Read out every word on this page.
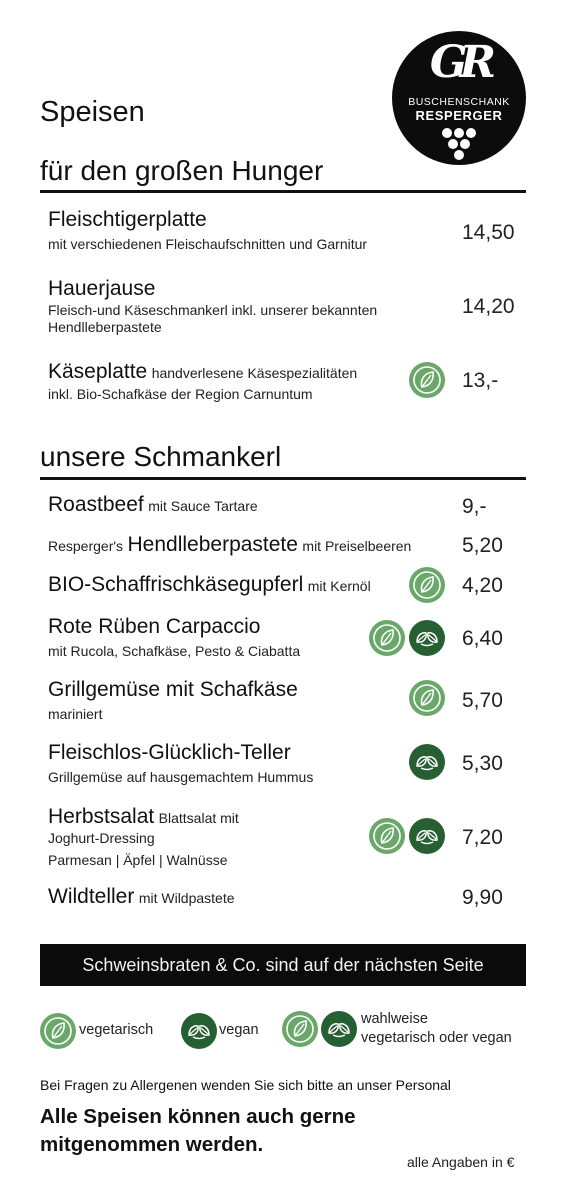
Speisen
GR
BUSCHENSCHANK
RESPERGER
für den großen Hunger
Fleischtigerplatte
mit verschiedenen Fleischaufschnitten und Garnitur	14,50
Hauerjause
Fleisch-und Käseschmankerl inkl. unserer bekannten
Hendlleberpastete
14,20
Käseplatte handverlesene Käsespezialitäten
inkl. Bio-Schafkäse der Region Carnuntum
13,-
unsere Schmankerl
Roastbeef mit Sauce Tartare	9,-
Resperger's Hendlleberpastete mit Preiselbeeren 5,20
BIO-Schaffrischkäsegupferl mit Kernöl	4,20
Rote Rüben Carpaccio
mit Rucola, Schafkäse, Pesto & Ciabatta
6,40
Grillgemüse mit Schafkäse
mariniert
5,70
Fleischlos-Glücklich-Teller
Grillgemüse auf hausgemachtem Hummus
5,30
Herbstsalat Blattsalat mit
Joghurt-Dressing
Parmesan | Äpfel | Walnüsse
7,20
Wildteller mit Wildpastete	9,90
Schweinsbraten & Co. sind auf der nächsten Seite
vegetarisch	vegan
wahlweise
vegetarisch oder vegan
Bei Fragen zu Allergenen wenden Sie sich bitte an unser Personal
Alle Speisen können auch gerne
mitgenommen werden.
alle Angaben in €
